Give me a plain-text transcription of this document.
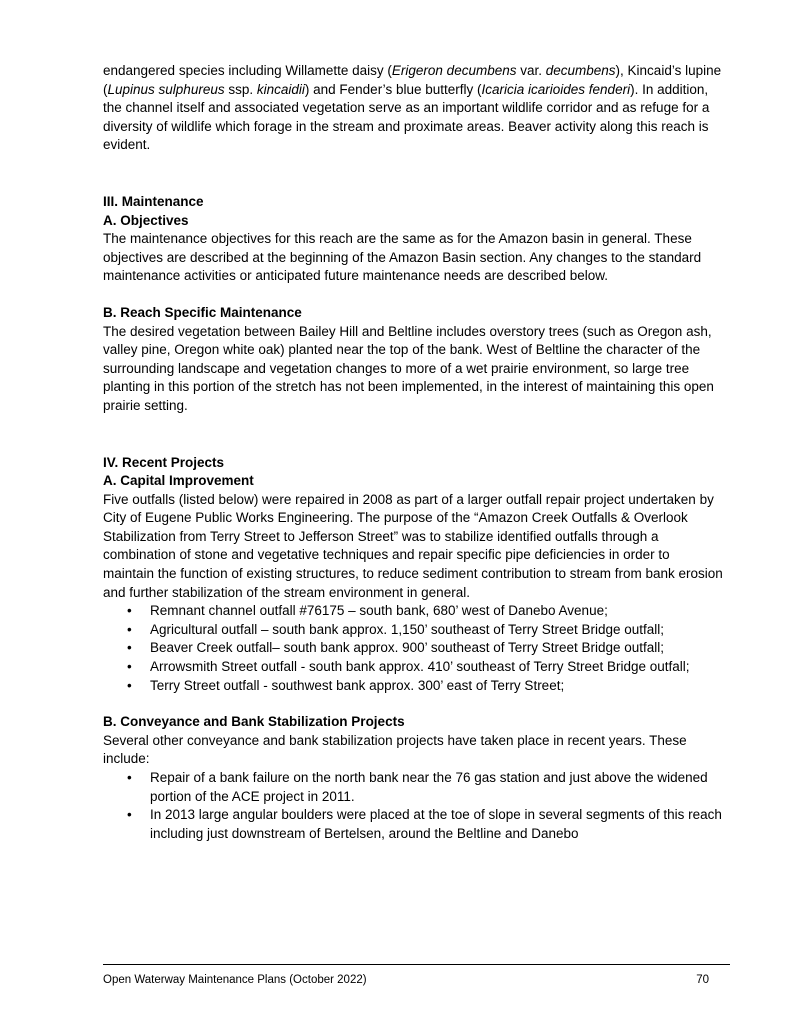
endangered species including Willamette daisy (Erigeron decumbens var. decumbens), Kincaid’s lupine (Lupinus sulphureus ssp. kincaidii) and Fender’s blue butterfly (Icaricia icarioides fenderi). In addition, the channel itself and associated vegetation serve as an important wildlife corridor and as refuge for a diversity of wildlife which forage in the stream and proximate areas. Beaver activity along this reach is evident.

III. Maintenance

A. Objectives

The maintenance objectives for this reach are the same as for the Amazon basin in general. These objectives are described at the beginning of the Amazon Basin section. Any changes to the standard maintenance activities or anticipated future maintenance needs are described below.

B. Reach Specific Maintenance

The desired vegetation between Bailey Hill and Beltline includes overstory trees (such as Oregon ash, valley pine, Oregon white oak) planted near the top of the bank. West of Beltline the character of the surrounding landscape and vegetation changes to more of a wet prairie environment, so large tree planting in this portion of the stretch has not been implemented, in the interest of maintaining this open prairie setting.

IV. Recent Projects

A. Capital Improvement

Five outfalls (listed below) were repaired in 2008 as part of a larger outfall repair project undertaken by City of Eugene Public Works Engineering. The purpose of the “Amazon Creek Outfalls & Overlook Stabilization from Terry Street to Jefferson Street” was to stabilize identified outfalls through a combination of stone and vegetative techniques and repair specific pipe deficiencies in order to maintain the function of existing structures, to reduce sediment contribution to stream from bank erosion and further stabilization of the stream environment in general.

• Remnant channel outfall #76175 – south bank, 680’ west of Danebo Avenue;
• Agricultural outfall – south bank approx. 1,150’ southeast of Terry Street Bridge outfall;
• Beaver Creek outfall– south bank approx. 900’ southeast of Terry Street Bridge outfall;
• Arrowsmith Street outfall - south bank approx. 410’ southeast of Terry Street Bridge outfall;
• Terry Street outfall - southwest bank approx. 300’ east of Terry Street;

B. Conveyance and Bank Stabilization Projects

Several other conveyance and bank stabilization projects have taken place in recent years. These include:

• Repair of a bank failure on the north bank near the 76 gas station and just above the widened portion of the ACE project in 2011.
• In 2013 large angular boulders were placed at the toe of slope in several segments of this reach including just downstream of Bertelsen, around the Beltline and Danebo
Open Waterway Maintenance Plans (October 2022)	70
